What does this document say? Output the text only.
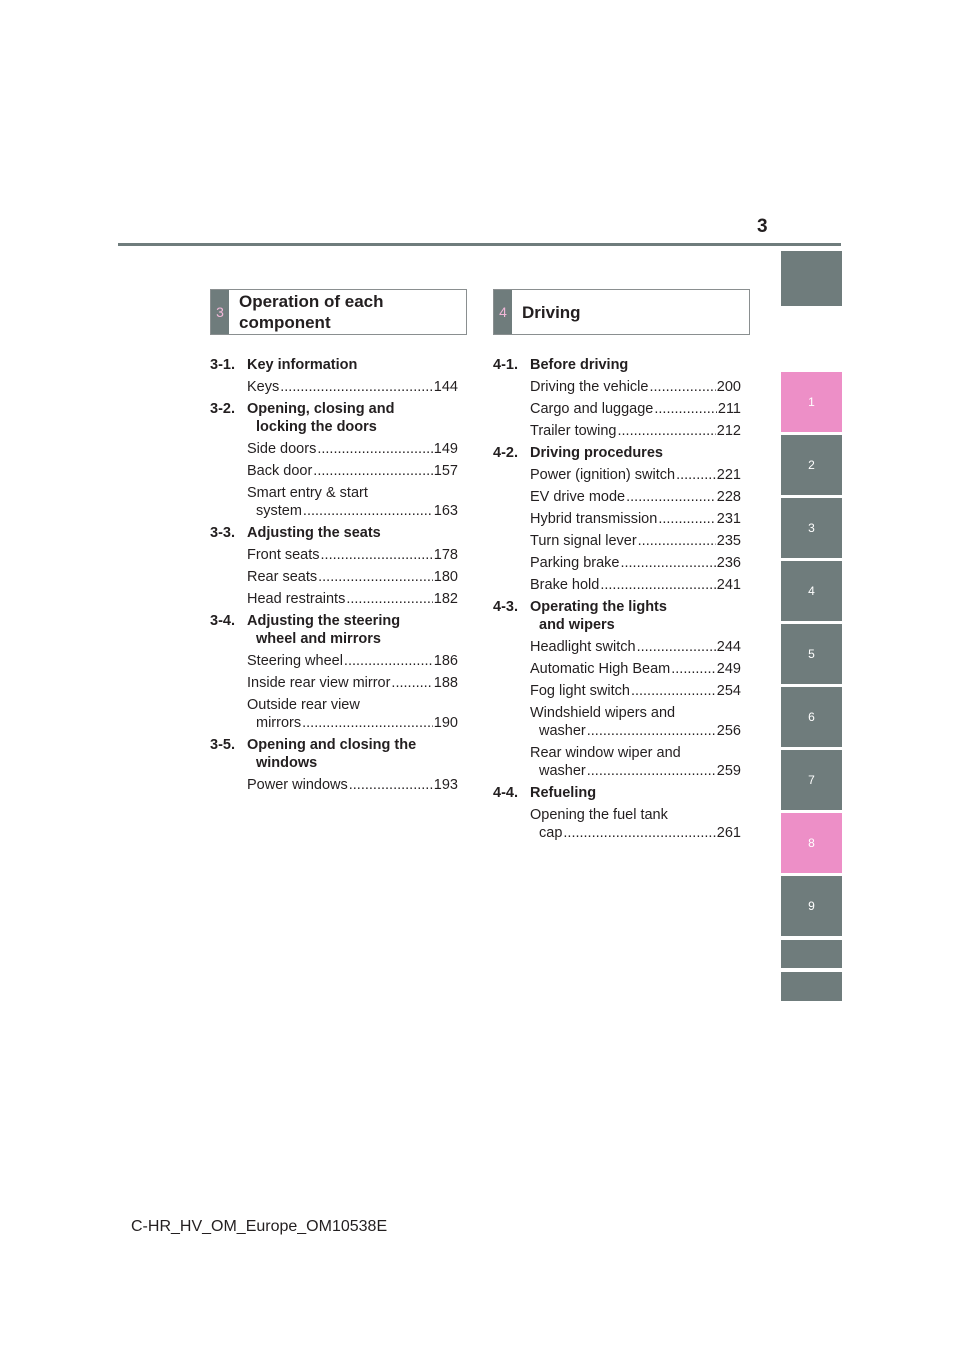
3
3
Operation of each component
4 Driving
3-1. Key information
Keys .....	144
3-2. Opening, closing and
locking the doors
Side doors .....	149
Back door .....	157
Smart entry & start
system .....	163
3-3. Adjusting the seats
Front seats .....	178
Rear seats .....	180
Head restraints .....	182
3-4. Adjusting the steering
wheel and mirrors
Steering wheel .....	186
Inside rear view mirror .....	188
Outside rear view
mirrors .....	190
3-5. Opening and closing the
windows
Power windows .....	193
4-1. Before driving
Driving the vehicle .....	200
Cargo and luggage .....	211
Trailer towing .....	212
4-2. Driving procedures
Power (ignition) switch .....	221
EV drive mode .....	228
Hybrid transmission .....	231
Turn signal lever .....	235
Parking brake .....	236
Brake hold .....	241
4-3. Operating the lights
and wipers
Headlight switch .....	244
Automatic High Beam .....	249
Fog light switch .....	254
Windshield wipers and
washer .....	256
Rear window wiper and
washer .....	259
4-4. Refueling
Opening the fuel tank
cap .....	261
1
2
3
4
5
6
7
8
9
C-HR_HV_OM_Europe_OM10538E
